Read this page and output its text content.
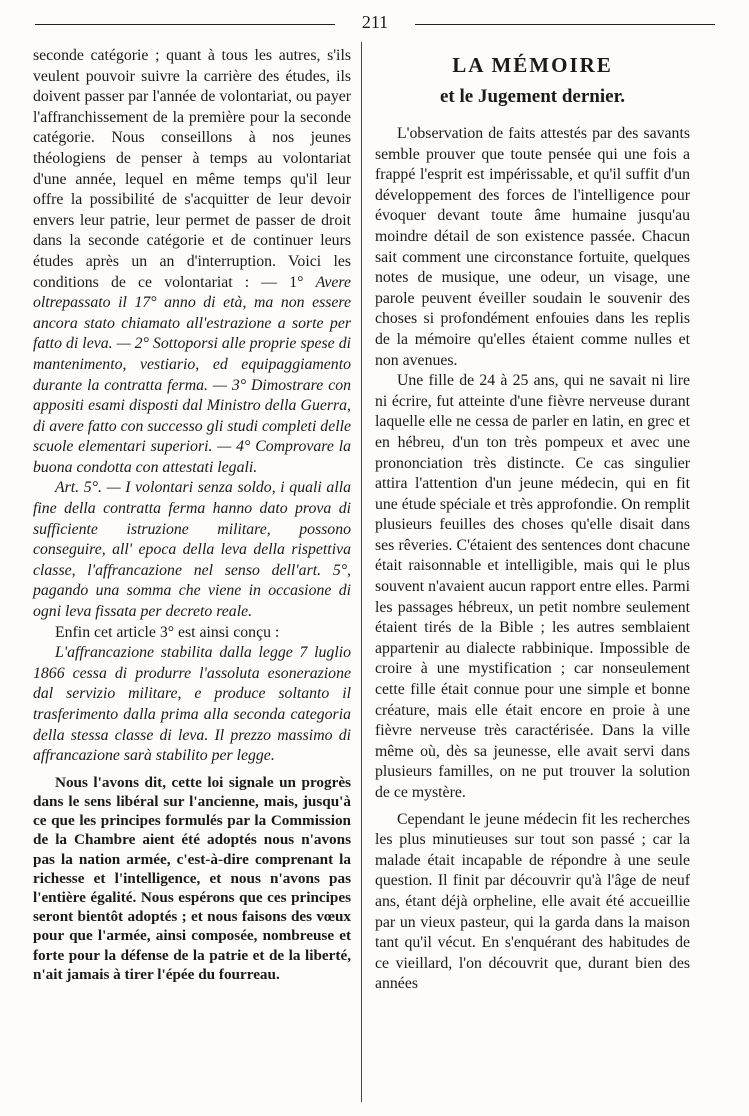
211

seconde catégorie ; quant à tous les autres, s'ils veulent pouvoir suivre la carrière des études, ils doivent passer par l'année de volontariat, ou payer l'affranchissement de la première pour la seconde catégorie. Nous conseillons à nos jeunes théologiens de penser à temps au volontariat d'une année, lequel en même temps qu'il leur offre la possibilité de s'acquitter de leur devoir envers leur patrie, leur permet de passer de droit dans la seconde catégorie et de continuer leurs études après un an d'interruption. Voici les conditions de ce volontariat : — 1° Avere oltrepassato il 17° anno di età, ma non essere ancora stato chiamato all'estrazione a sorte per fatto di leva. — 2° Sottoporsi alle proprie spese di mantenimento, vestiario, ed equipaggiamento durante la contratta ferma. — 3° Dimostrare con appositi esami disposti dal Ministro della Guerra, di avere fatto con successo gli studi completi delle scuole elementari superiori. — 4° Comprovare la buona condotta con attestati legali.

Art. 5°. — I volontari senza soldo, i quali alla fine della contratta ferma hanno dato prova di sufficiente istruzione militare, possono conseguire, all' epoca della leva della rispettiva classe, l'affrancazione nel senso dell'art. 5°, pagando una somma che viene in occasione di ogni leva fissata per decreto reale.

Enfin cet article 3° est ainsi conçu :

L'affrancazione stabilita dalla legge 7 luglio 1866 cessa di produrre l'assoluta esonerazione dal servizio militare, e produce soltanto il trasferimento dalla prima alla seconda categoria della stessa classe di leva. Il prezzo massimo di affrancazione sarà stabilito per legge.

Nous l'avons dit, cette loi signale un progrès dans le sens libéral sur l'ancienne, mais, jusqu'à ce que les principes formulés par la Commission de la Chambre aient été adoptés nous n'avons pas la nation armée, c'est-à-dire comprenant la richesse et l'intelligence, et nous n'avons pas l'entière égalité. Nous espérons que ces principes seront bientôt adoptés ; et nous faisons des vœux pour que l'armée, ainsi composée, nombreuse et forte pour la défense de la patrie et de la liberté, n'ait jamais à tirer l'épée du fourreau.

LA MÉMOIRE
et le Jugement dernier.

L'observation de faits attestés par des savants semble prouver que toute pensée qui une fois a frappé l'esprit est impérissable, et qu'il suffit d'un développement des forces de l'intelligence pour évoquer devant toute âme humaine jusqu'au moindre détail de son existence passée. Chacun sait comment une circonstance fortuite, quelques notes de musique, une odeur, un visage, une parole peuvent éveiller soudain le souvenir des choses si profondément enfouies dans les replis de la mémoire qu'elles étaient comme nulles et non avenues.

Une fille de 24 à 25 ans, qui ne savait ni lire ni écrire, fut atteinte d'une fièvre nerveuse durant laquelle elle ne cessa de parler en latin, en grec et en hébreu, d'un ton très pompeux et avec une prononciation très distincte. Ce cas singulier attira l'attention d'un jeune médecin, qui en fit une étude spéciale et très approfondie. On remplit plusieurs feuilles des choses qu'elle disait dans ses rêveries. C'étaient des sentences dont chacune était raisonnable et intelligible, mais qui le plus souvent n'avaient aucun rapport entre elles. Parmi les passages hébreux, un petit nombre seulement étaient tirés de la Bible ; les autres semblaient appartenir au dialecte rabbinique. Impossible de croire à une mystification ; car nonseulement cette fille était connue pour une simple et bonne créature, mais elle était encore en proie à une fièvre nerveuse très caractérisée. Dans la ville même où, dès sa jeunesse, elle avait servi dans plusieurs familles, on ne put trouver la solution de ce mystère.

Cependant le jeune médecin fit les recherches les plus minutieuses sur tout son passé ; car la malade était incapable de répondre à une seule question. Il finit par découvrir qu'à l'âge de neuf ans, étant déjà orpheline, elle avait été accueillie par un vieux pasteur, qui la garda dans la maison tant qu'il vécut. En s'enquérant des habitudes de ce vieillard, l'on découvrit que, durant bien des années
